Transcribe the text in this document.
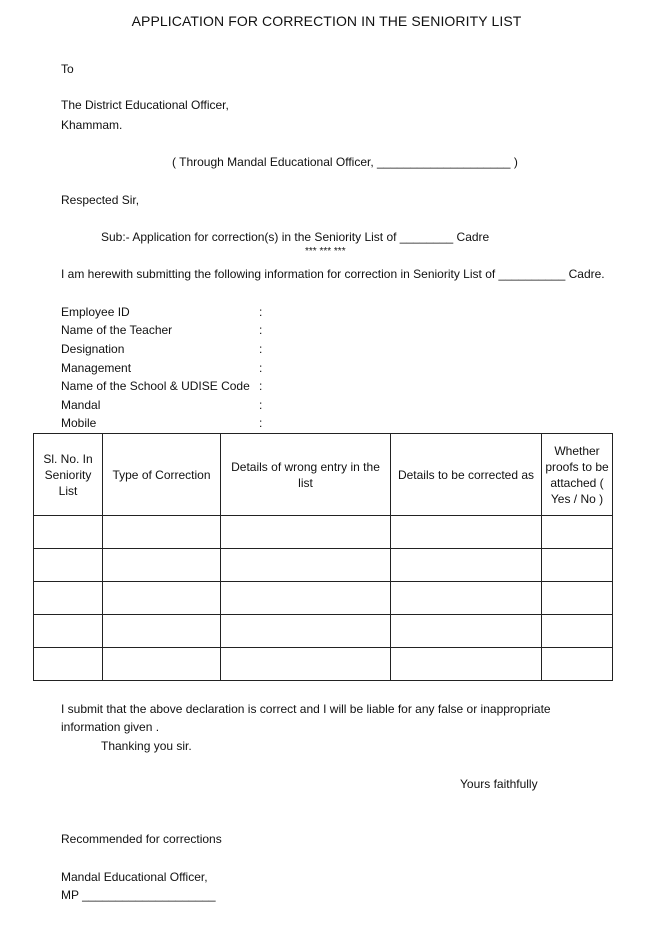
APPLICATION FOR CORRECTION IN THE SENIORITY LIST
To
The District Educational Officer,
Khammam.
( Through Mandal Educational Officer, ____________________ )
Respected Sir,
Sub:- Application for correction(s) in the Seniority List of ________ Cadre
*** *** ***
I am herewith submitting the following information for correction in Seniority List of __________ Cadre.
Employee ID	:
Name of the Teacher	:
Designation	:
Management	:
Name of the School & UDISE Code :
Mandal	:
Mobile	:
Sl. No. In Seniority List	Type of Correction	Details of wrong entry in the list	Details to be corrected as	Whether proofs to be attached ( Yes / No )

I submit that the above declaration is correct and I will be liable for any false or inappropriate
information given .
Thanking you sir.
Yours faithfully
Recommended for corrections
Mandal Educational Officer,
MP ____________________
